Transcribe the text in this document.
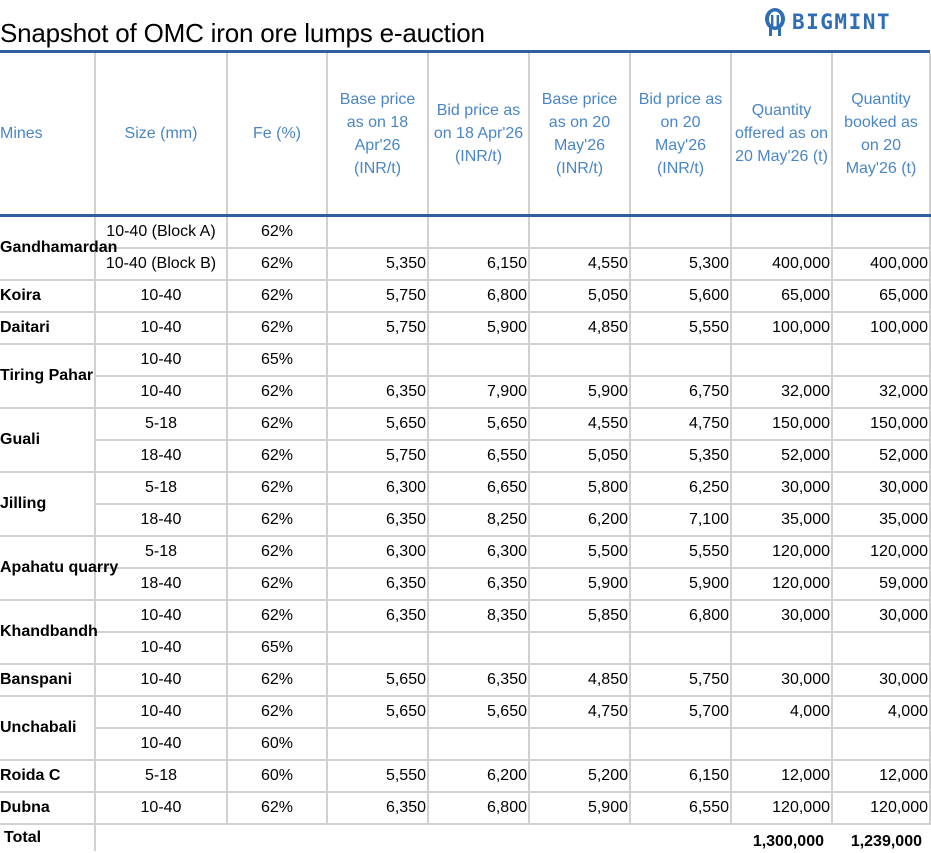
Snapshot of OMC iron ore lumps e-auction	BIGMINT
Mines	Size (mm)	Fe (%)	Base price as on 18 Apr'26 (INR/t)	Bid price as on 18 Apr'26 (INR/t)	Base price as on 20 May'26 (INR/t)	Bid price as on 20 May'26 (INR/t)	Quantity offered as on 20 May'26 (t)	Quantity booked as on 20 May'26 (t)
Gandhamardan	10-40 (Block A)	62%						
	10-40 (Block B)	62%	5,350	6,150	4,550	5,300	400,000	400,000
Koira	10-40	62%	5,750	6,800	5,050	5,600	65,000	65,000
Daitari	10-40	62%	5,750	5,900	4,850	5,550	100,000	100,000
Tiring Pahar	10-40	65%						
	10-40	62%	6,350	7,900	5,900	6,750	32,000	32,000
Guali	5-18	62%	5,650	5,650	4,550	4,750	150,000	150,000
	18-40	62%	5,750	6,550	5,050	5,350	52,000	52,000
Jilling	5-18	62%	6,300	6,650	5,800	6,250	30,000	30,000
	18-40	62%	6,350	8,250	6,200	7,100	35,000	35,000
Apahatu quarry	5-18	62%	6,300	6,300	5,500	5,550	120,000	120,000
	18-40	62%	6,350	6,350	5,900	5,900	120,000	59,000
Khandbandh	10-40	62%	6,350	8,350	5,850	6,800	30,000	30,000
	10-40	65%						
Banspani	10-40	62%	5,650	6,350	4,850	5,750	30,000	30,000
Unchabali	10-40	62%	5,650	5,650	4,750	5,700	4,000	4,000
	10-40	60%						
Roida C	5-18	60%	5,550	6,200	5,200	6,150	12,000	12,000
Dubna	10-40	62%	6,350	6,800	5,900	6,550	120,000	120,000
Total							1,300,000	1,239,000
